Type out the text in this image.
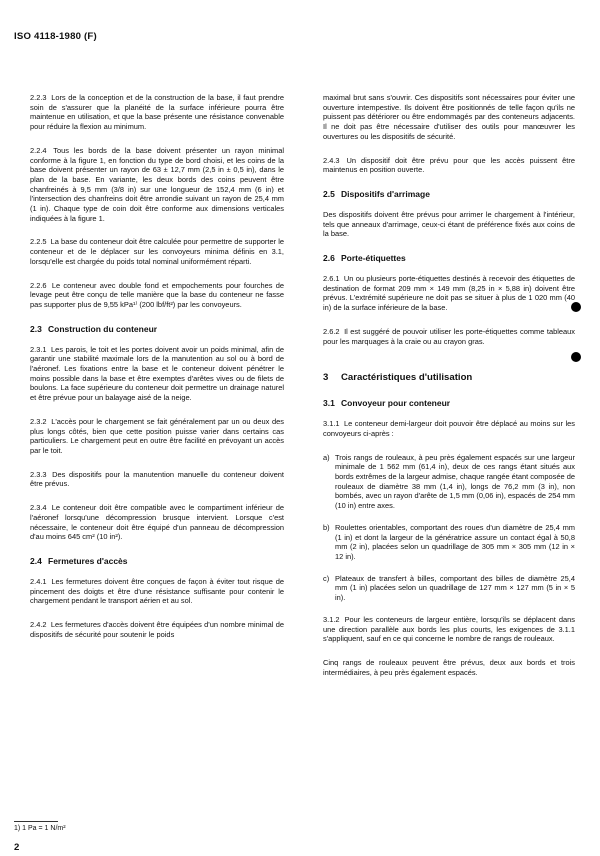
ISO 4118-1980 (F)

2.2.3 Lors de la conception et de la construction de la base, il faut prendre soin de s'assurer que la planéité de la surface inférieure pourra être maintenue en utilisation, et que la base présente une résistance convenable pour réduire la flexion au minimum.

2.2.4 Tous les bords de la base doivent présenter un rayon minimal conforme à la figure 1, en fonction du type de bord choisi, et les coins de la base doivent présenter un rayon de 63 ± 12,7 mm (2,5 in ± 0,5 in), dans le plan de la base. En variante, les deux bords des coins peuvent être chanfreinés à 9,5 mm (3/8 in) sur une longueur de 152,4 mm (6 in) et l'intersection des chanfreins doit être arrondie suivant un rayon de 25,4 mm (1 in). Chaque type de coin doit être conforme aux dimensions verticales indiquées à la figure 1.

2.2.5 La base du conteneur doit être calculée pour permettre de supporter le conteneur et de le déplacer sur les convoyeurs minima définis en 3.1, lorsqu'elle est chargée du poids total nominal uniformément réparti.

2.2.6 Le conteneur avec double fond et empochements pour fourches de levage peut être conçu de telle manière que la base du conteneur ne fasse pas supporter plus de 9,55 kPa¹⁾ (200 lbf/ft²) par les convoyeurs.

2.3 Construction du conteneur

2.3.1 Les parois, le toit et les portes doivent avoir un poids minimal, afin de garantir une stabilité maximale lors de la manutention au sol ou à bord de l'aéronef. Les fixations entre la base et le conteneur doivent pénétrer le moins possible dans la base et être exemptes d'arêtes vives ou de filets de boulons. La face supérieure du conteneur doit permettre un drainage naturel et être prévue pour un balayage aisé de la neige.

2.3.2 L'accès pour le chargement se fait généralement par un ou deux des plus longs côtés, bien que cette position puisse varier dans certains cas particuliers. Le chargement peut en outre être facilité en prévoyant un accès par le toit.

2.3.3 Des dispositifs pour la manutention manuelle du conteneur doivent être prévus.

2.3.4 Le conteneur doit être compatible avec le compartiment inférieur de l'aéronef lorsqu'une décompression brusque intervient. Lorsque c'est nécessaire, le conteneur doit être équipé d'un panneau de décompression d'au moins 645 cm² (10 in²).

2.4 Fermetures d'accès

2.4.1 Les fermetures doivent être conçues de façon à éviter tout risque de pincement des doigts et être d'une résistance suffisante pour contenir le chargement pendant le transport aérien et au sol.

2.4.2 Les fermetures d'accès doivent être équipées d'un nombre minimal de dispositifs de sécurité pour soutenir le poids

maximal brut sans s'ouvrir. Ces dispositifs sont nécessaires pour éviter une ouverture intempestive. Ils doivent être positionnés de telle façon qu'ils ne puissent pas détériorer ou être endommagés par des conteneurs adjacents. Il ne doit pas être nécessaire d'utiliser des outils pour manœuvrer les ouvertures ou les dispositifs de sécurité.

2.4.3 Un dispositif doit être prévu pour que les accès puissent être maintenus en position ouverte.

2.5 Dispositifs d'arrimage

Des dispositifs doivent être prévus pour arrimer le chargement à l'intérieur, tels que anneaux d'arrimage, ceux-ci étant de préférence fixés aux coins de la base.

2.6 Porte-étiquettes

2.6.1 Un ou plusieurs porte-étiquettes destinés à recevoir des étiquettes de destination de format 209 mm × 149 mm (8,25 in × 5,88 in) doivent être prévus. L'extrémité supérieure ne doit pas se situer à plus de 1 020 mm (40 in) de la surface inférieure de la base.

2.6.2 Il est suggéré de pouvoir utiliser les porte-étiquettes comme tableaux pour les marquages à la craie ou au crayon gras.

3 Caractéristiques d'utilisation
3.1 Convoyeur pour conteneur

3.1.1 Le conteneur demi-largeur doit pouvoir être déplacé au moins sur les convoyeurs ci-après :

a) Trois rangs de rouleaux, à peu près également espacés sur une largeur minimale de 1 562 mm (61,4 in), deux de ces rangs étant situés aux bords extrêmes de la largeur admise, chaque rangée étant composée de rouleaux de diamètre 38 mm (1,4 in), longs de 76,2 mm (3 in), non bombés, avec un rayon d'arête de 1,5 mm (0,06 in), espacés de 254 mm (10 in) entre axes.

b) Roulettes orientables, comportant des roues d'un diamètre de 25,4 mm (1 in) et dont la largeur de la génératrice assure un contact égal à 50,8 mm (2 in), placées selon un quadrillage de 305 mm × 305 mm (12 in × 12 in).

c) Plateaux de transfert à billes, comportant des billes de diamètre 25,4 mm (1 in) placées selon un quadrillage de 127 mm × 127 mm (5 in × 5 in).

3.1.2 Pour les conteneurs de largeur entière, lorsqu'ils se déplacent dans une direction parallèle aux bords les plus courts, les exigences de 3.1.1 s'appliquent, sauf en ce qui concerne le nombre de rangs de rouleaux.

Cinq rangs de rouleaux peuvent être prévus, deux aux bords et trois intermédiaires, à peu près également espacés.

1) 1 Pa = 1 N/m²
2
